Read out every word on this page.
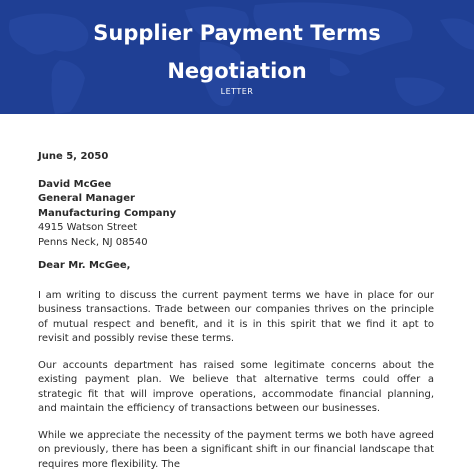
Supplier Payment Terms
Negotiation
LETTER

June 5, 2050

David McGee
General Manager
Manufacturing Company
4915 Watson Street
Penns Neck, NJ 08540

Dear Mr. McGee,

I am writing to discuss the current payment terms we have in place for our business transactions. Trade between our companies thrives on the principle of mutual respect and benefit, and it is in this spirit that we find it apt to revisit and possibly revise these terms.

Our accounts department has raised some legitimate concerns about the existing payment plan. We believe that alternative terms could offer a strategic fit that will improve operations, accommodate financial planning, and maintain the efficiency of transactions between our businesses.

While we appreciate the necessity of the payment terms we both have agreed on previously, there has been a significant shift in our financial landscape that requires more flexibility. The
